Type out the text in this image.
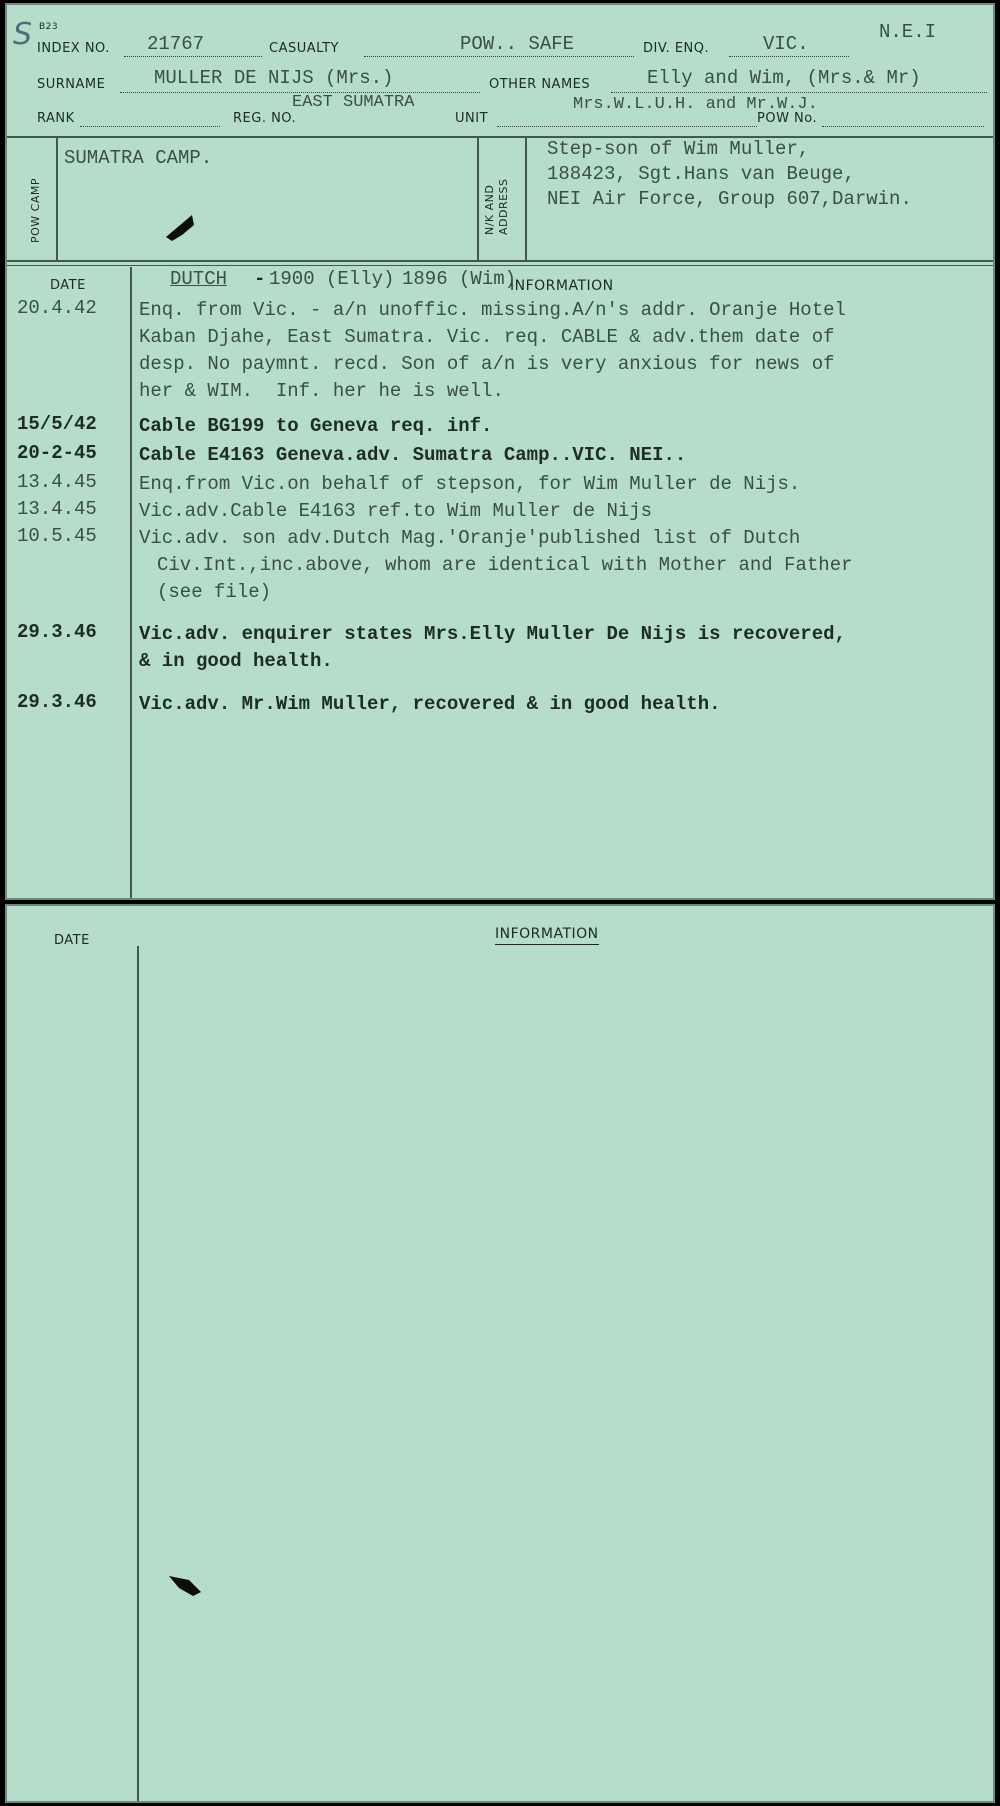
S B23	N.E.I
INDEX NO. 21767	CASUALTY	POW.. SAFE	DIV. ENQ.	VIC.
SURNAME	MULLER DE NIJS (Mrs.)	OTHER NAMES	Elly and Wim, (Mrs.& Mr)
RANK	REG. NO.
EAST SUMATRA
UNIT
Mrs.W.L.U.H. and Mr.W.J.
POW No.
POW CAMP
SUMATRA CAMP.
N/K AND ADDRESS
Step-son of Wim Muller,
188423, Sgt.Hans van Beuge,
NEI Air Force, Group 607,Darwin.
DATE	INFORMATION
DUTCH - 1900 (Elly) 1896 (Wim)
20.4.42 Enq. from Vic. - a/n unoffic. missing.A/n's addr. Oranje Hotel
Kaban Djahe, East Sumatra. Vic. req. CABLE & adv.them date of
desp. No paymnt. recd. Son of a/n is very anxious for news of
her & WIM.  Inf. her he is well.
15/5/42 Cable BG199 to Geneva req. inf.
20-2-45 Cable E4163 Geneva.adv. Sumatra Camp..VIC. NEI..
13.4.45 Enq.from Vic.on behalf of stepson, for Wim Muller de Nijs.
13.4.45 Vic.adv.Cable E4163 ref.to Wim Muller de Nijs
10.5.45 Vic.adv. son adv.Dutch Mag.'Oranje'published list of Dutch
Civ.Int.,inc.above, whom are identical with Mother and Father
(see file)
29.3.46 Vic.adv. enquirer states Mrs.Elly Muller De Nijs is recovered,
& in good health.
29.3.46 Vic.adv. Mr.Wim Muller, recovered & in good health.
DATE	INFORMATION
